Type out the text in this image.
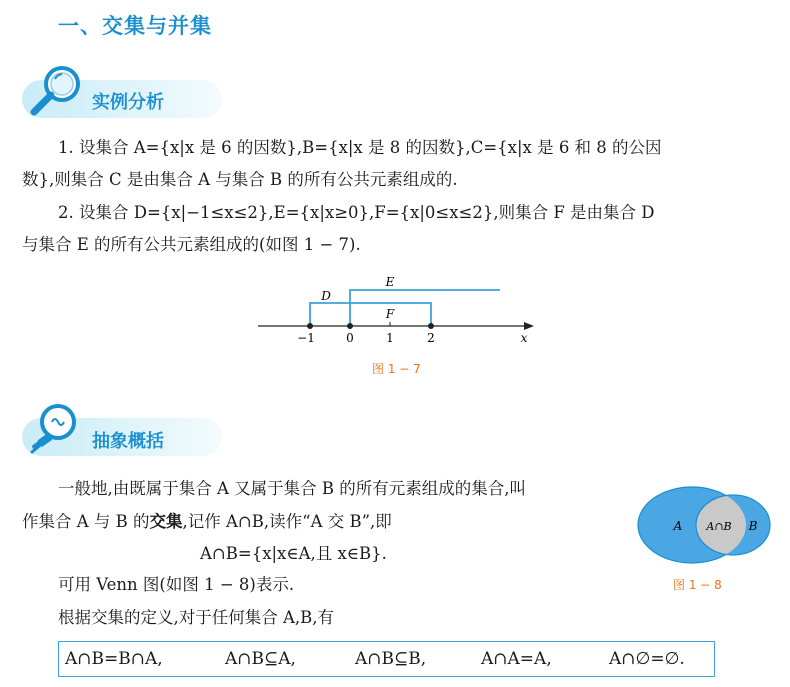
一、交集与并集
实例分析
1. 设集合 A={x|x 是 6 的因数},B={x|x 是 8 的因数},C={x|x 是 6 和 8 的公因
数},则集合 C 是由集合 A 与集合 B 的所有公共元素组成的.
2. 设集合 D={x|−1≤x≤2},E={x|x≥0},F={x|0≤x≤2},则集合 F 是由集合 D
与集合 E 的所有公共元素组成的(如图 1 − 7).
E
D
F
−1	0	1	2	x
图 1 − 7
抽象概括
一般地,由既属于集合 A 又属于集合 B 的所有元素组成的集合,叫
作集合 A 与 B 的交集,记作 A∩B,读作“A 交 B”,即
A∩B={x|x∈A,且 x∈B}.
可用 Venn 图(如图 1 − 8)表示.
根据交集的定义,对于任何集合 A,B,有
A A∩B B
图 1 − 8
A∩B=B∩A,	A∩B⊆A,	A∩B⊆B,	A∩A=A,	A∩∅=∅.
